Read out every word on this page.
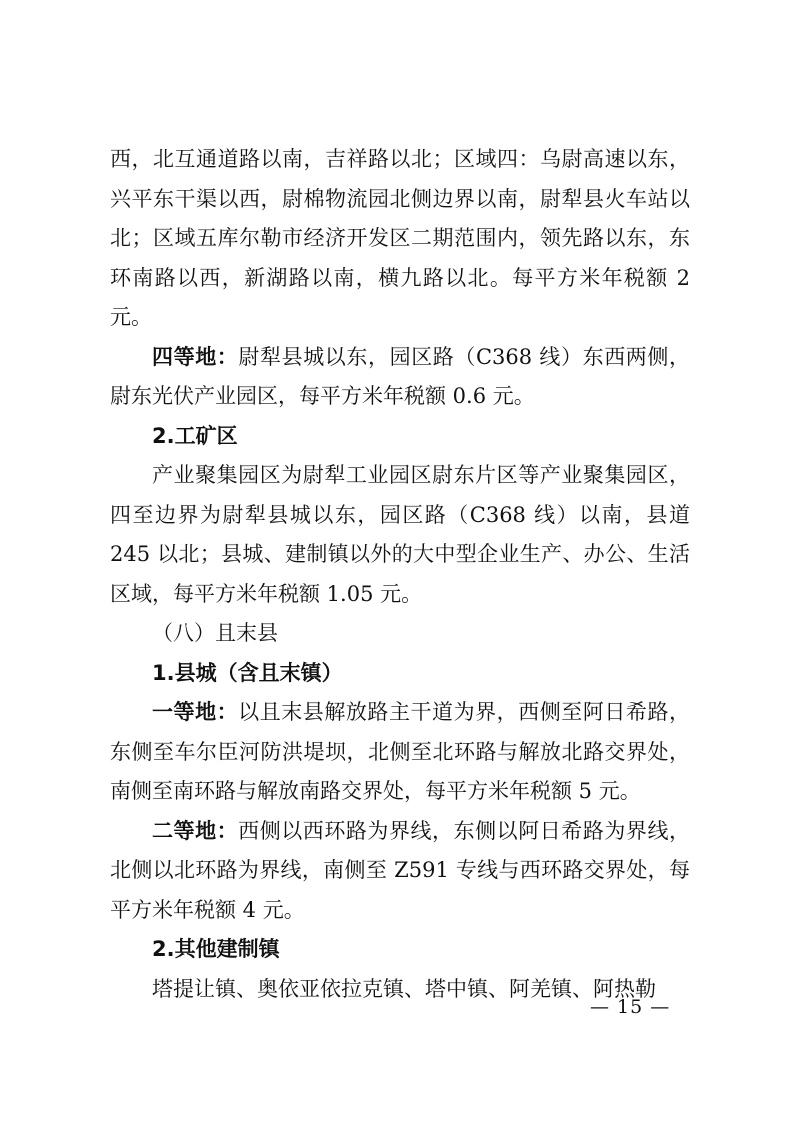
西，北互通道路以南，吉祥路以北；区域四：乌尉高速以东，兴平东干渠以西，尉棉物流园北侧边界以南，尉犁县火车站以北；区域五库尔勒市经济开发区二期范围内，领先路以东，东环南路以西，新湖路以南，横九路以北。每平方米年税额 2 元。

四等地：尉犁县城以东，园区路（C368 线）东西两侧，尉东光伏产业园区，每平方米年税额 0.6 元。

2.工矿区

产业聚集园区为尉犁工业园区尉东片区等产业聚集园区，四至边界为尉犁县城以东，园区路（C368 线）以南，县道 245 以北；县城、建制镇以外的大中型企业生产、办公、生活区域，每平方米年税额 1.05 元。

（八）且末县

1.县城（含且末镇）

一等地：以且末县解放路主干道为界，西侧至阿日希路，东侧至车尔臣河防洪堤坝，北侧至北环路与解放北路交界处，南侧至南环路与解放南路交界处，每平方米年税额 5 元。

二等地：西侧以西环路为界线，东侧以阿日希路为界线，北侧以北环路为界线，南侧至 Z591 专线与西环路交界处，每平方米年税额 4 元。

2.其他建制镇

塔提让镇、奥依亚依拉克镇、塔中镇、阿羌镇、阿热勒

— 15 —
